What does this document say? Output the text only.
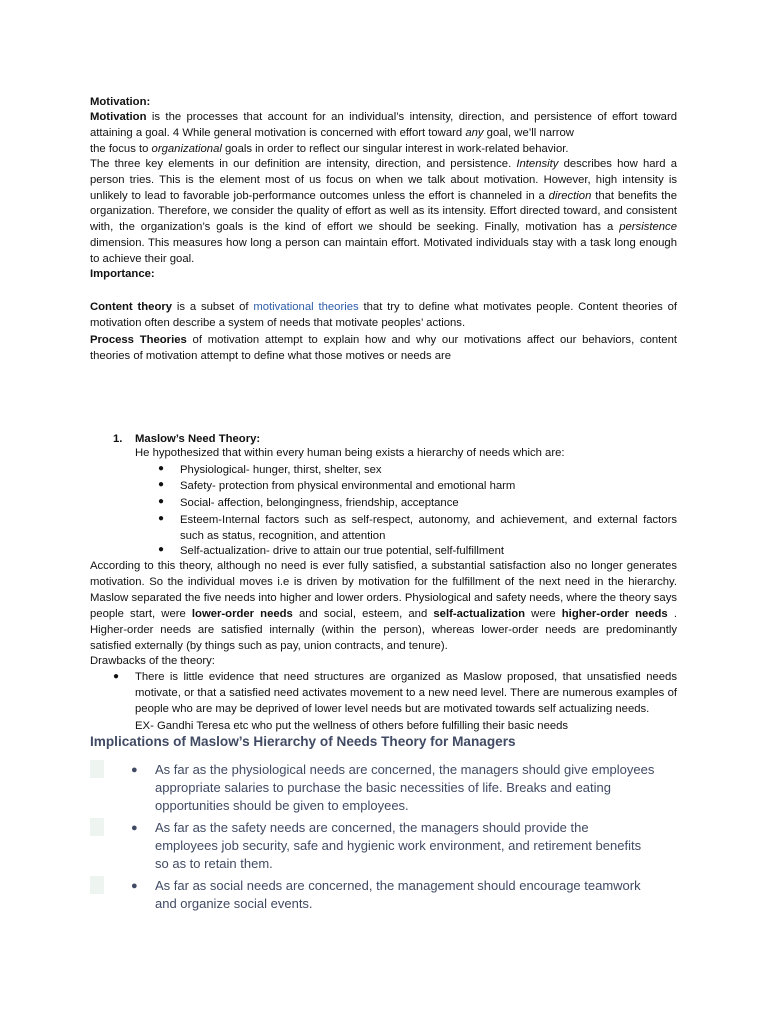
Motivation:
Motivation is the processes that account for an individual’s intensity, direction, and persistence of effort toward attaining a goal. 4 While general motivation is concerned with effort toward any goal, we’ll narrow
the focus to organizational goals in order to reflect our singular interest in work-related behavior.
The three key elements in our definition are intensity, direction, and persistence. Intensity describes how hard a person tries. This is the element most of us focus on when we talk about motivation. However, high intensity is unlikely to lead to favorable job-performance outcomes unless the effort is channeled in a direction that benefits the organization. Therefore, we consider the quality of effort as well as its intensity. Effort directed toward, and consistent with, the organization’s goals is the kind of effort we should be seeking. Finally, motivation has a persistence dimension. This measures how long a person can maintain effort. Motivated individuals stay with a task long enough to achieve their goal.
Importance:
Content theory is a subset of motivational theories that try to define what motivates people. Content theories of motivation often describe a system of needs that motivate peoples’ actions.
Process Theories of motivation attempt to explain how and why our motivations affect our behaviors, content theories of motivation attempt to define what those motives or needs are
1. Maslow’s Need Theory:
He hypothesized that within every human being exists a hierarchy of needs which are:
● Physiological- hunger, thirst, shelter, sex
● Safety- protection from physical environmental and emotional harm
● Social- affection, belongingness, friendship, acceptance
● Esteem-Internal factors such as self-respect, autonomy, and achievement, and external factors such as status, recognition, and attention
● Self-actualization- drive to attain our true potential, self-fulfillment
According to this theory, although no need is ever fully satisfied, a substantial satisfaction also no longer generates motivation. So the individual moves i.e is driven by motivation for the fulfillment of the next need in the hierarchy. Maslow separated the five needs into higher and lower orders. Physiological and safety needs, where the theory says people start, were lower-order needs and social, esteem, and self-actualization were higher-order needs . Higher-order needs are satisfied internally (within the person), whereas lower-order needs are predominantly satisfied externally (by things such as pay, union contracts, and tenure).
Drawbacks of the theory:
● There is little evidence that need structures are organized as Maslow proposed, that unsatisfied needs motivate, or that a satisfied need activates movement to a new need level. There are numerous examples of people who are may be deprived of lower level needs but are motivated towards self actualizing needs.
EX- Gandhi Teresa etc who put the wellness of others before fulfilling their basic needs
Implications of Maslow’s Hierarchy of Needs Theory for Managers
● As far as the physiological needs are concerned, the managers should give employees appropriate salaries to purchase the basic necessities of life. Breaks and eating opportunities should be given to employees.
● As far as the safety needs are concerned, the managers should provide the employees job security, safe and hygienic work environment, and retirement benefits so as to retain them.
● As far as social needs are concerned, the management should encourage teamwork and organize social events.
